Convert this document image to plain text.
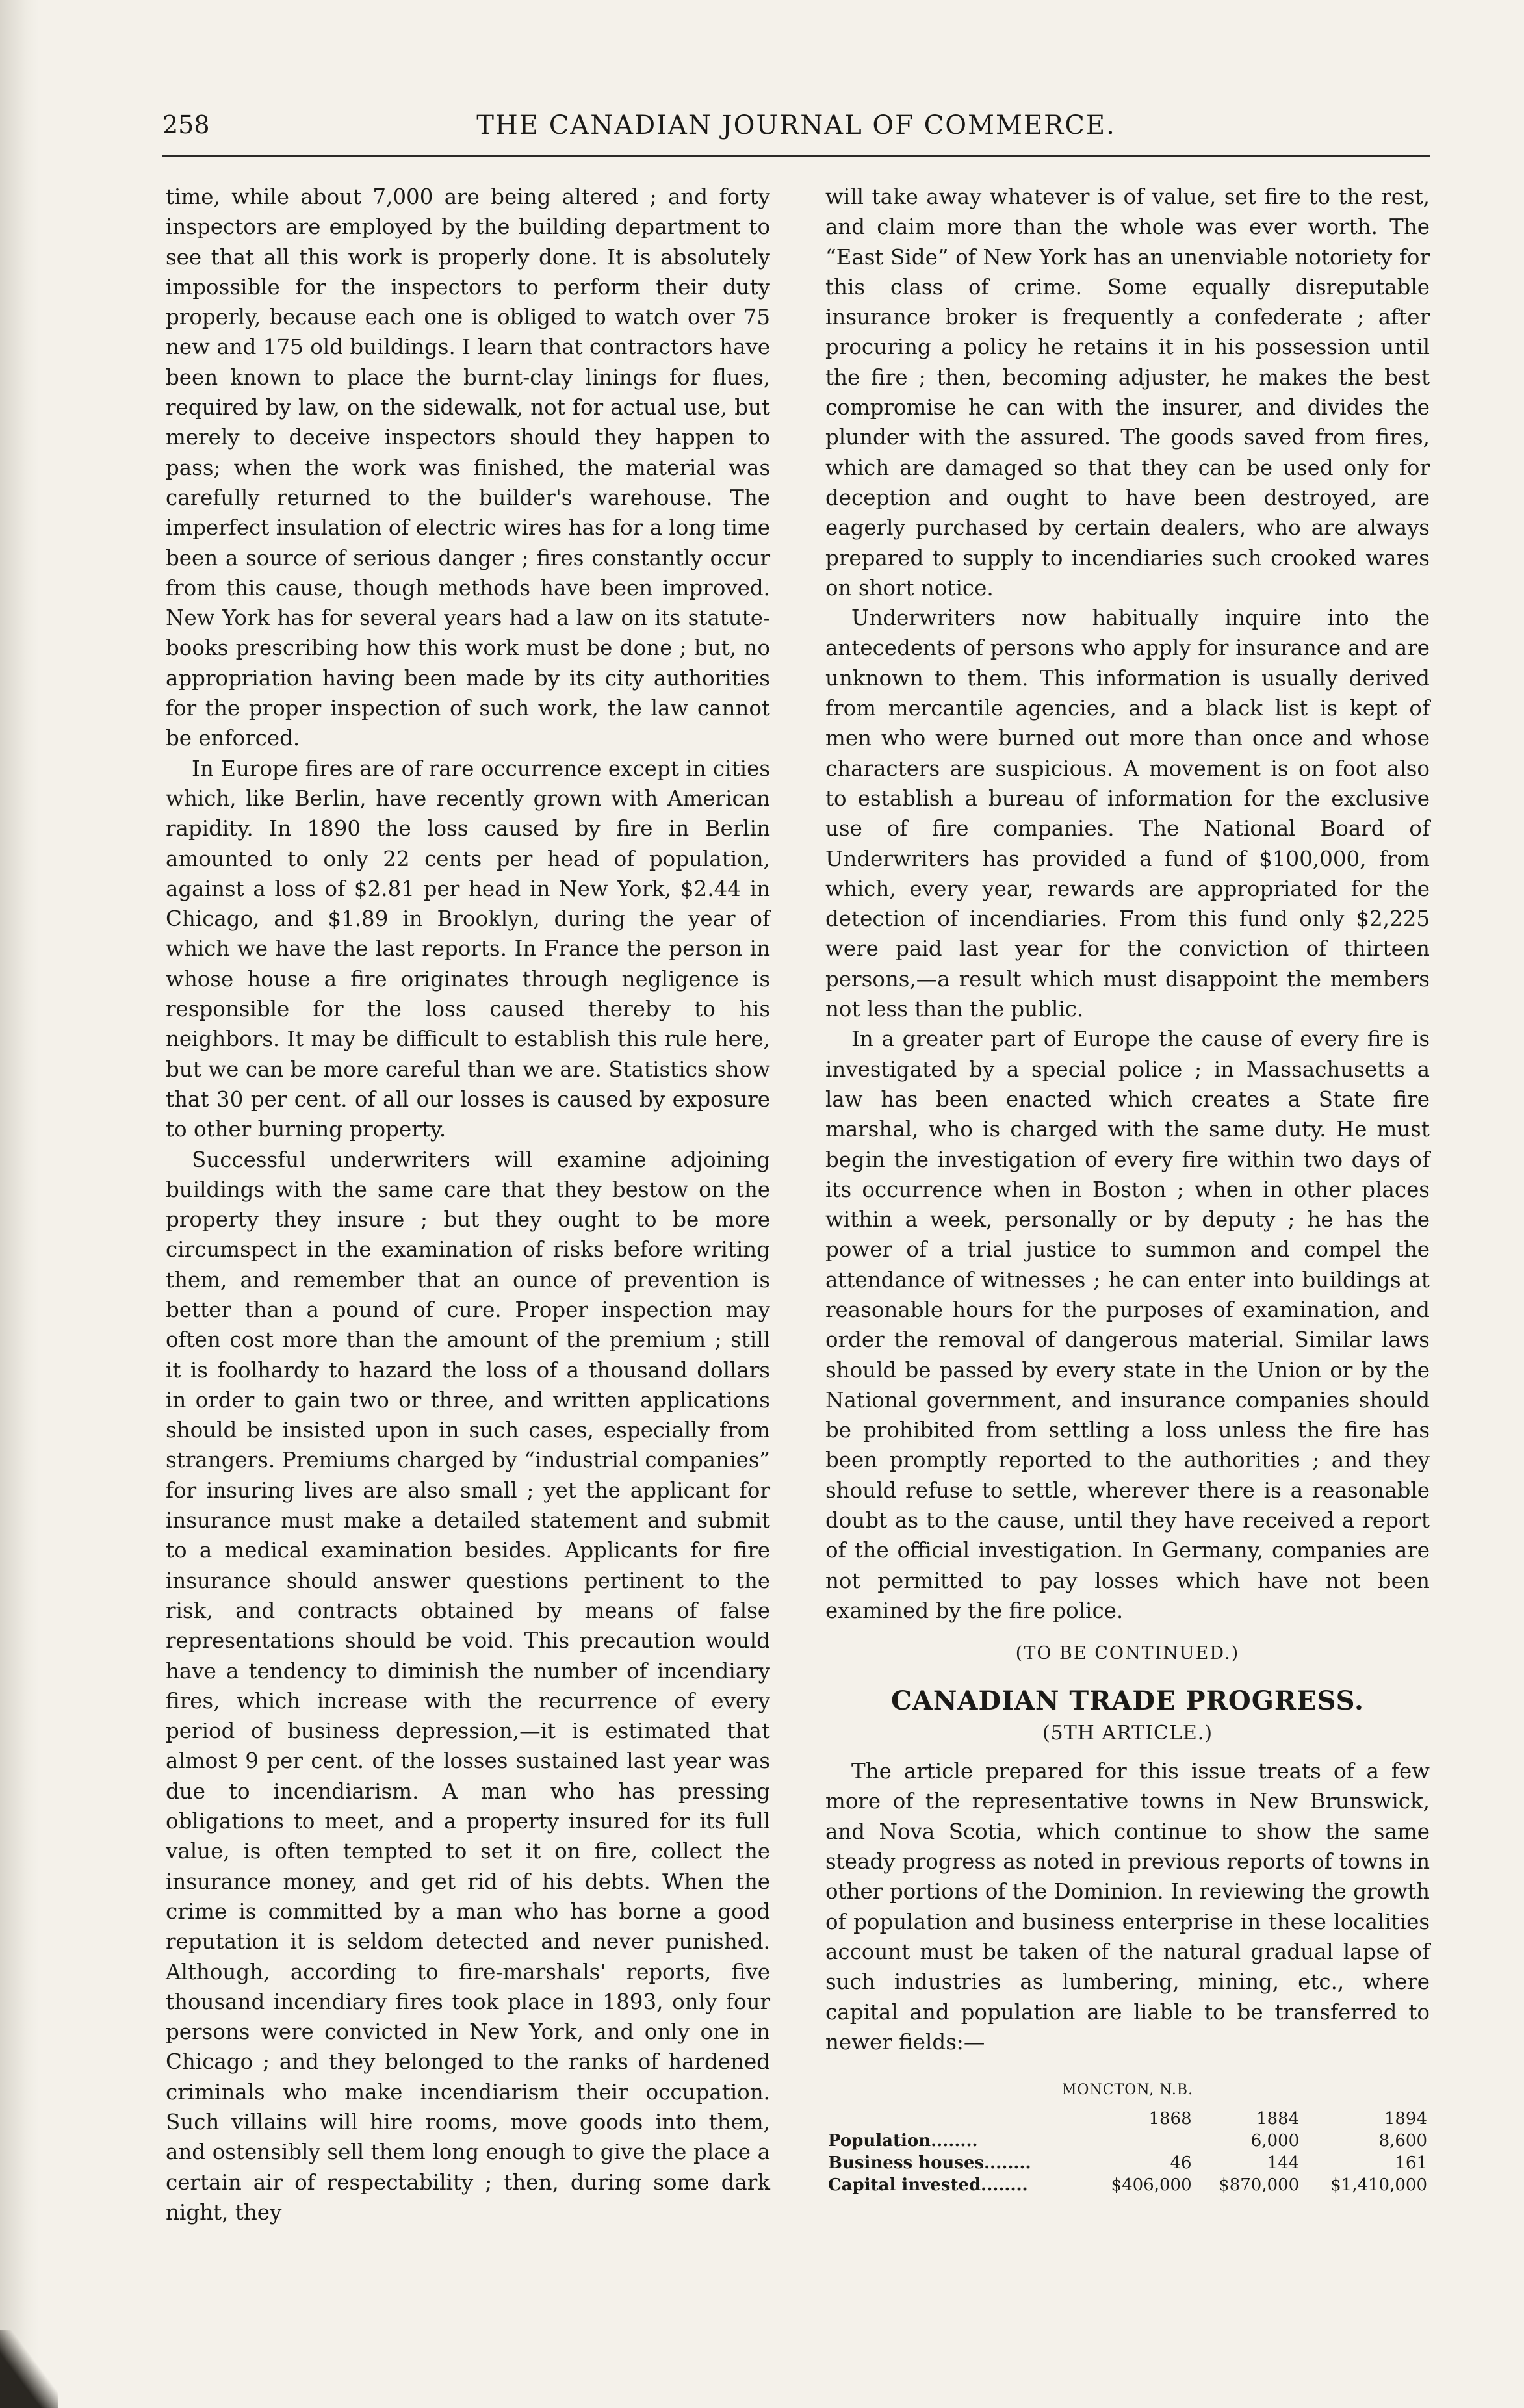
258	THE CANADIAN JOURNAL OF COMMERCE.

time, while about 7,000 are being altered ; and forty inspectors are employed by the building department to see that all this work is properly done. It is absolutely impossible for the inspectors to perform their duty properly, because each one is obliged to watch over 75 new and 175 old buildings. I learn that contractors have been known to place the burnt-clay linings for flues, required by law, on the sidewalk, not for actual use, but merely to deceive inspectors should they happen to pass; when the work was finished, the material was carefully returned to the builder's warehouse. The imperfect insulation of electric wires has for a long time been a source of serious danger ; fires constantly occur from this cause, though methods have been improved. New York has for several years had a law on its statute-books prescribing how this work must be done ; but, no appropriation having been made by its city authorities for the proper inspection of such work, the law cannot be enforced.

In Europe fires are of rare occurrence except in cities which, like Berlin, have recently grown with American rapidity. In 1890 the loss caused by fire in Berlin amounted to only 22 cents per head of population, against a loss of $2.81 per head in New York, $2.44 in Chicago, and $1.89 in Brooklyn, during the year of which we have the last reports. In France the person in whose house a fire originates through negligence is responsible for the loss caused thereby to his neighbors. It may be difficult to establish this rule here, but we can be more careful than we are. Statistics show that 30 per cent. of all our losses is caused by exposure to other burning property.

Successful underwriters will examine adjoining buildings with the same care that they bestow on the property they insure ; but they ought to be more circumspect in the examination of risks before writing them, and remember that an ounce of prevention is better than a pound of cure. Proper inspection may often cost more than the amount of the premium ; still it is foolhardy to hazard the loss of a thousand dollars in order to gain two or three, and written applications should be insisted upon in such cases, especially from strangers. Premiums charged by “industrial companies” for insuring lives are also small ; yet the applicant for insurance must make a detailed statement and submit to a medical examination besides. Applicants for fire insurance should answer questions pertinent to the risk, and contracts obtained by means of false representations should be void. This precaution would have a tendency to diminish the number of incendiary fires, which increase with the recurrence of every period of business depression,—it is estimated that almost 9 per cent. of the losses sustained last year was due to incendiarism. A man who has pressing obligations to meet, and a property insured for its full value, is often tempted to set it on fire, collect the insurance money, and get rid of his debts. When the crime is committed by a man who has borne a good reputation it is seldom detected and never punished. Although, according to fire-marshals' reports, five thousand incendiary fires took place in 1893, only four persons were convicted in New York, and only one in Chicago ; and they belonged to the ranks of hardened criminals who make incendiarism their occupation. Such villains will hire rooms, move goods into them, and ostensibly sell them long enough to give the place a certain air of respectability ; then, during some dark night, they

will take away whatever is of value, set fire to the rest, and claim more than the whole was ever worth. The “East Side” of New York has an unenviable notoriety for this class of crime. Some equally disreputable insurance broker is frequently a confederate ; after procuring a policy he retains it in his possession until the fire ; then, becoming adjuster, he makes the best compromise he can with the insurer, and divides the plunder with the assured. The goods saved from fires, which are damaged so that they can be used only for deception and ought to have been destroyed, are eagerly purchased by certain dealers, who are always prepared to supply to incendiaries such crooked wares on short notice.

Underwriters now habitually inquire into the antecedents of persons who apply for insurance and are unknown to them. This information is usually derived from mercantile agencies, and a black list is kept of men who were burned out more than once and whose characters are suspicious. A movement is on foot also to establish a bureau of information for the exclusive use of fire companies. The National Board of Underwriters has provided a fund of $100,000, from which, every year, rewards are appropriated for the detection of incendiaries. From this fund only $2,225 were paid last year for the conviction of thirteen persons,—a result which must disappoint the members not less than the public.

In a greater part of Europe the cause of every fire is investigated by a special police ; in Massachusetts a law has been enacted which creates a State fire marshal, who is charged with the same duty. He must begin the investigation of every fire within two days of its occurrence when in Boston ; when in other places within a week, personally or by deputy ; he has the power of a trial justice to summon and compel the attendance of witnesses ; he can enter into buildings at reasonable hours for the purposes of examination, and order the removal of dangerous material. Similar laws should be passed by every state in the Union or by the National government, and insurance companies should be prohibited from settling a loss unless the fire has been promptly reported to the authorities ; and they should refuse to settle, wherever there is a reasonable doubt as to the cause, until they have received a report of the official investigation. In Germany, companies are not permitted to pay losses which have not been examined by the fire police.

(TO BE CONTINUED.)
CANADIAN TRADE PROGRESS.
(5TH ARTICLE.)

The article prepared for this issue treats of a few more of the representative towns in New Brunswick, and Nova Scotia, which continue to show the same steady progress as noted in previous reports of towns in other portions of the Dominion. In reviewing the growth of population and business enterprise in these localities account must be taken of the natural gradual lapse of such industries as lumbering, mining, etc., where capital and population are liable to be transferred to newer fields:—

MONCTON, N.B.
	1868	1884	1894
Population........		6,000	8,600
Business houses........	46	144	161
Capital invested........	$406,000	$870,000	$1,410,000
